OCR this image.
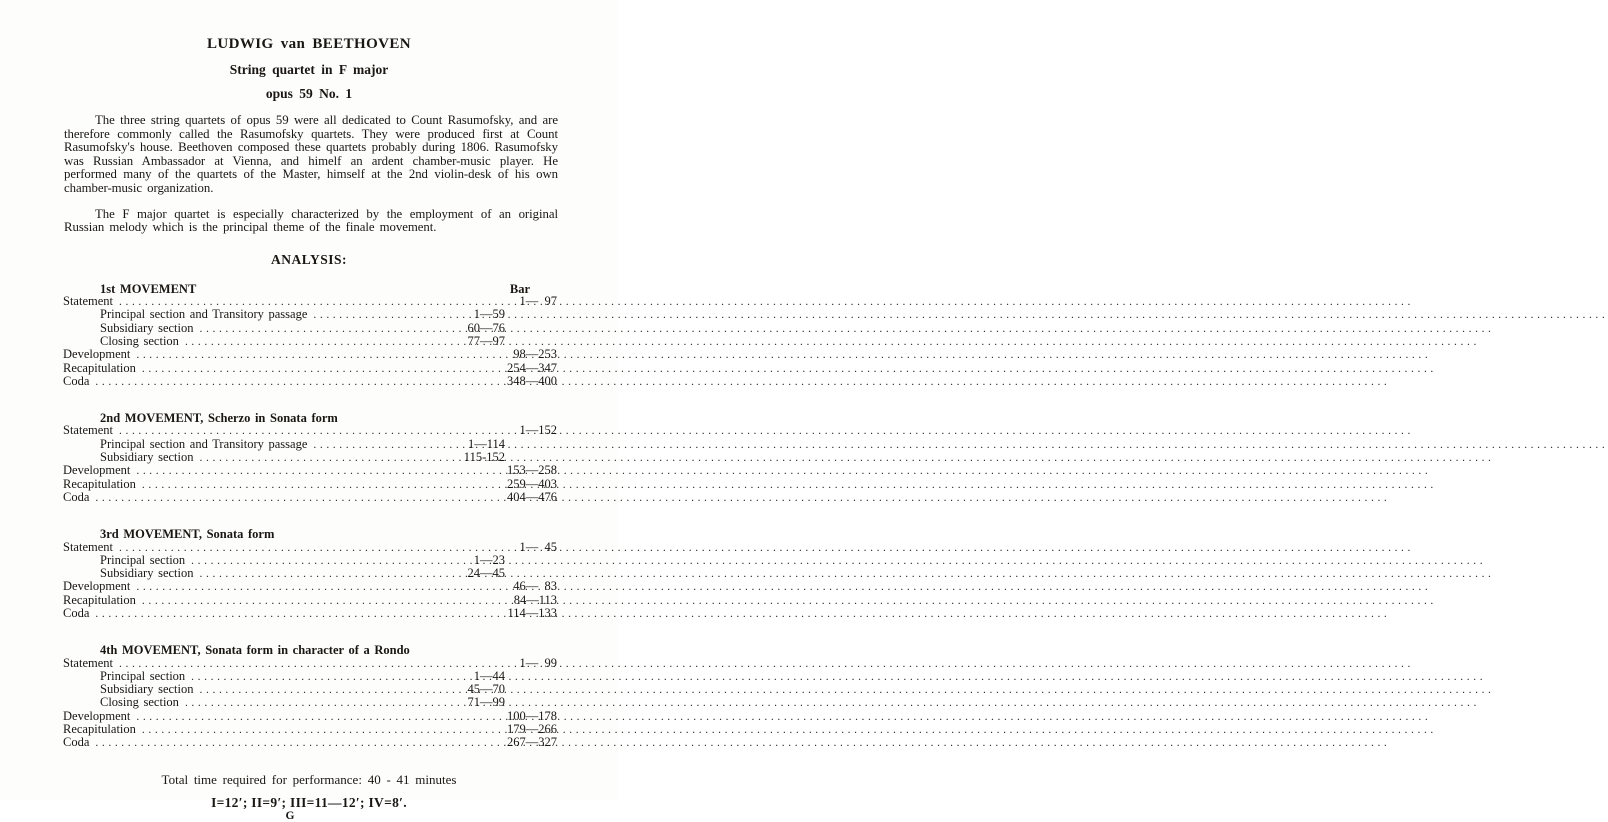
LUDWIG van BEETHOVEN
String quartet in F major
opus 59 No. 1

The three string quartets of opus 59 were all dedicated to Count Rasumofsky, and are therefore commonly called the Rasumofsky quartets. They were produced first at Count Rasumofsky's house. Beethoven composed these quartets probably during 1806. Rasumofsky was Russian Ambassador at Vienna, and himelf an ardent chamber-music player. He performed many of the quartets of the Master, himself at the 2nd violin-desk of his own chamber-music organization.

The F major quartet is especially characterized by the employment of an original Russian melody which is the principal theme of the finale movement.

ANALYSIS:
1st MOVEMENT	Bar
Statement .....	1—  97
Principal section and Transitory passage .....	1—59
Subsidiary section .....	60—76
Closing section .....	77—97
Development .....	98—253
Recapitulation .....	254—347
Coda .....	348—400
2nd MOVEMENT, Scherzo in Sonata form
Statement .....	1—152
Principal section and Transitory passage .....	1—114
Subsidiary section .....	115-152
Development .....	153—258
Recapitulation .....	259—403
Coda .....	404—476
3rd MOVEMENT, Sonata form
Statement .....	1—  45
Principal section .....	1—23
Subsidiary section .....	24—45
Development .....	46—  83
Recapitulation .....	84—113
Coda .....	114—133
4th MOVEMENT, Sonata form in character of a Rondo
Statement .....	1—  99
Principal section .....	1—44
Subsidiary section .....	45—70
Closing section .....	71—99
Development .....	100—178
Recapitulation .....	179—266
Coda .....	267—327
Total time required for performance: 40 - 41 minutes
I=12′; II=9′; III=11—12′; IV=8′.
G
